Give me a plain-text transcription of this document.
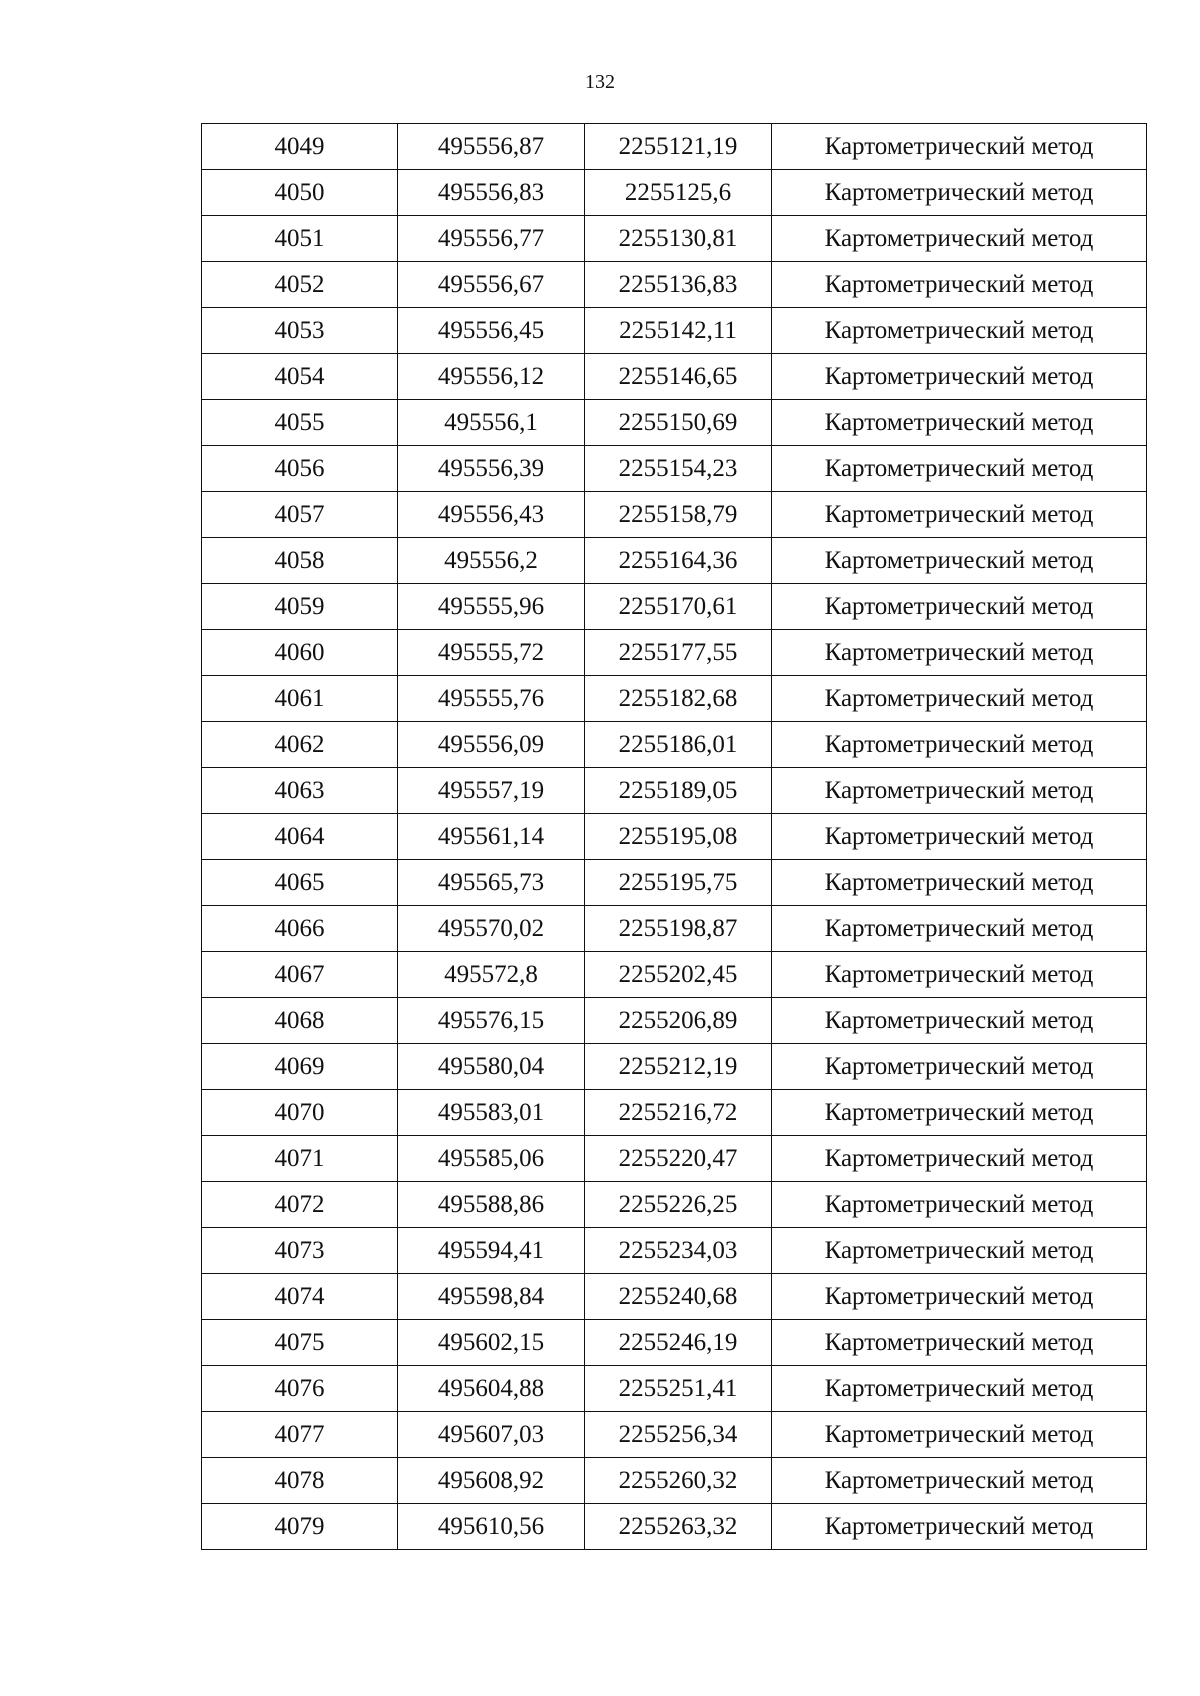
132
4049	495556,87	2255121,19	Картометрический метод
4050	495556,83	2255125,6	Картометрический метод
4051	495556,77	2255130,81	Картометрический метод
4052	495556,67	2255136,83	Картометрический метод
4053	495556,45	2255142,11	Картометрический метод
4054	495556,12	2255146,65	Картометрический метод
4055	495556,1	2255150,69	Картометрический метод
4056	495556,39	2255154,23	Картометрический метод
4057	495556,43	2255158,79	Картометрический метод
4058	495556,2	2255164,36	Картометрический метод
4059	495555,96	2255170,61	Картометрический метод
4060	495555,72	2255177,55	Картометрический метод
4061	495555,76	2255182,68	Картометрический метод
4062	495556,09	2255186,01	Картометрический метод
4063	495557,19	2255189,05	Картометрический метод
4064	495561,14	2255195,08	Картометрический метод
4065	495565,73	2255195,75	Картометрический метод
4066	495570,02	2255198,87	Картометрический метод
4067	495572,8	2255202,45	Картометрический метод
4068	495576,15	2255206,89	Картометрический метод
4069	495580,04	2255212,19	Картометрический метод
4070	495583,01	2255216,72	Картометрический метод
4071	495585,06	2255220,47	Картометрический метод
4072	495588,86	2255226,25	Картометрический метод
4073	495594,41	2255234,03	Картометрический метод
4074	495598,84	2255240,68	Картометрический метод
4075	495602,15	2255246,19	Картометрический метод
4076	495604,88	2255251,41	Картометрический метод
4077	495607,03	2255256,34	Картометрический метод
4078	495608,92	2255260,32	Картометрический метод
4079	495610,56	2255263,32	Картометрический метод
